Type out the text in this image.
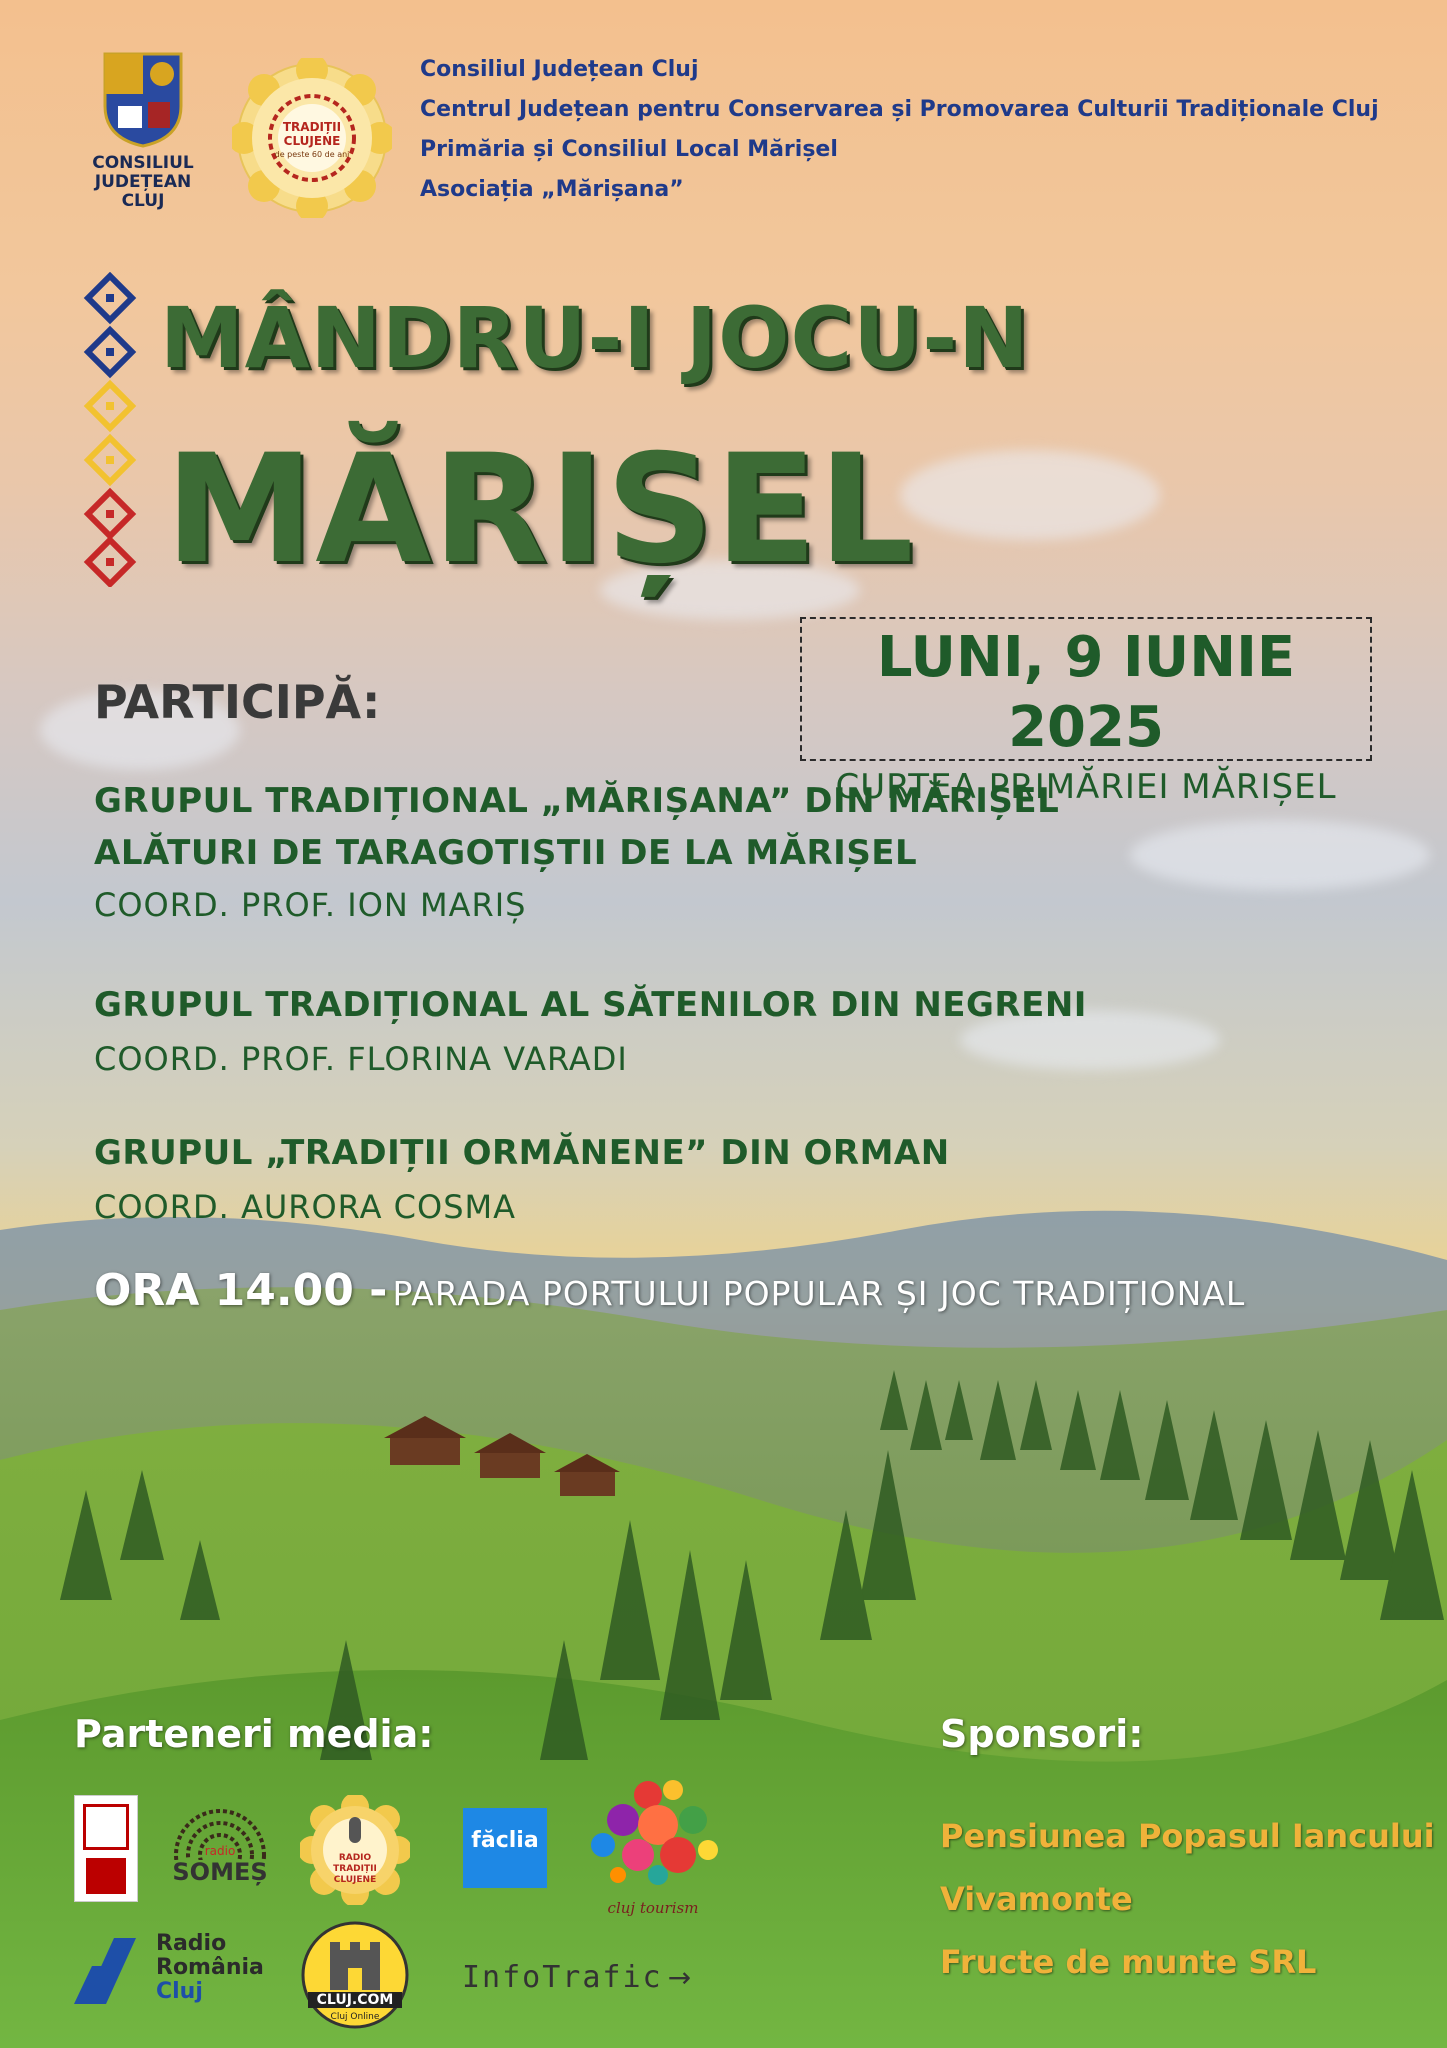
CONSILIUL
JUDEȚEAN
CLUJ
TRADIȚII CLUJENE
de peste 60 de ani
Consiliul Județean Cluj
Centrul Județean pentru Conservarea și Promovarea Culturii Tradiționale Cluj
Primăria și Consiliul Local Mărișel
Asociația „Mărișana”
MÂNDRU-I JOCU-N
MĂRIȘEL
LUNI, 9 IUNIE 2025
CURTEA PRIMĂRIEI MĂRIȘEL
PARTICIPĂ:
GRUPUL TRADIȚIONAL „MĂRIȘANA” DIN MĂRIȘEL
ALĂTURI DE TARAGOTIȘTII DE LA MĂRIȘEL
COORD. PROF. ION MARIȘ
GRUPUL TRADIȚIONAL AL SĂTENILOR DIN NEGRENI
COORD. PROF. FLORINA VARADI
GRUPUL „TRADIȚII ORMĂNENE” DIN ORMAN
COORD. AURORA COSMA
ORA 14.00 - PARADA PORTULUI POPULAR ȘI JOC TRADIȚIONAL
Parteneri media:
radio
SOMEȘ	RADIO TRADIȚII CLUJENE
făclia
cluj tourism
Radio
România
Cluj	CLUJ.COM
Cluj Online
InfoTrafic →
Sponsori:
Pensiunea Popasul Iancului
Vivamonte
Fructe de munte SRL
